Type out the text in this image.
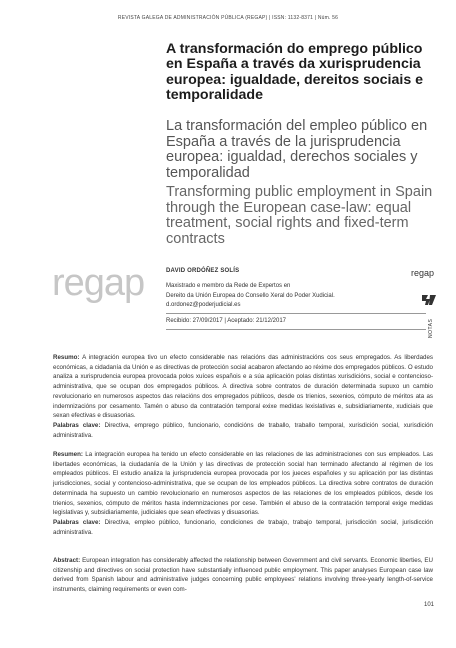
REVISTA GALEGA DE ADMINISTRACIÓN PÚBLICA (REGAP) | ISSN: 1132-8371 | Núm. 56
A transformación do emprego público en España a través da xurisprudencia europea: igualdade, dereitos sociais e temporalidade
La transformación del empleo público en España a través de la jurisprudencia europea: igualdad, derechos sociales y temporalidad
Transforming public employment in Spain through the European case-law: equal treatment, social rights and fixed-term contracts
regap	DAVID ORDÓÑEZ SOLÍS
Maxistrado e membro da Rede de Expertos en
Dereito da Unión Europea do Consello Xeral do Poder Xudicial.
d.ordonez@poderjudicial.es
Recibido: 27/09/2017 | Aceptado: 21/12/2017
regap
NOTAS
Resumo: A integración europea tivo un efecto considerable nas relacións das administracións cos seus empregados. As liberdades económicas, a cidadanía da Unión e as directivas de protección social acabaron afectando ao réxime dos empregados públicos. O estudo analiza a xurisprudencia europea provocada polos xuíces españois e a súa aplicación polas distintas xurisdicións, social e contencioso-administrativa, que se ocupan dos empregados públicos. A directiva sobre contratos de duración determinada supuxo un cambio revolucionario en numerosos aspectos das relacións dos empregados públicos, desde os trienios, sexenios, cómputo de méritos ata as indemnizacións por cesamento. Tamén o abuso da contratación temporal exixe medidas lexislativas e, subsidiariamente, xudiciais que sexan efectivas e disuasorias.
Palabras clave: Directiva, emprego público, funcionario, condicións de traballo, traballo temporal, xurisdición social, xurisdición administrativa.
Resumen: La integración europea ha tenido un efecto considerable en las relaciones de las administraciones con sus empleados. Las libertades económicas, la ciudadanía de la Unión y las directivas de protección social han terminado afectando al régimen de los empleados públicos. El estudio analiza la jurisprudencia europea provocada por los jueces españoles y su aplicación por las distintas jurisdicciones, social y contencioso-administrativa, que se ocupan de los empleados públicos. La directiva sobre contratos de duración determinada ha supuesto un cambio revolucionario en numerosos aspectos de las relaciones de los empleados públicos, desde los trienios, sexenios, cómputo de méritos hasta indemnizaciones por cese. También el abuso de la contratación temporal exige medidas legislativas y, subsidiariamente, judiciales que sean efectivas y disuasorias.
Palabras clave: Directiva, empleo público, funcionario, condiciones de trabajo, trabajo temporal, jurisdicción social, jurisdicción administrativa.
Abstract: European integration has considerably affected the relationship between Government and civil servants. Economic liberties, EU citizenship and directives on social protection have substantially influenced public employment. This paper analyses European case law derived from Spanish labour and administrative judges concerning public employees' relations involving three-yearly length-of-service instruments, claiming requirements or even com-
101
